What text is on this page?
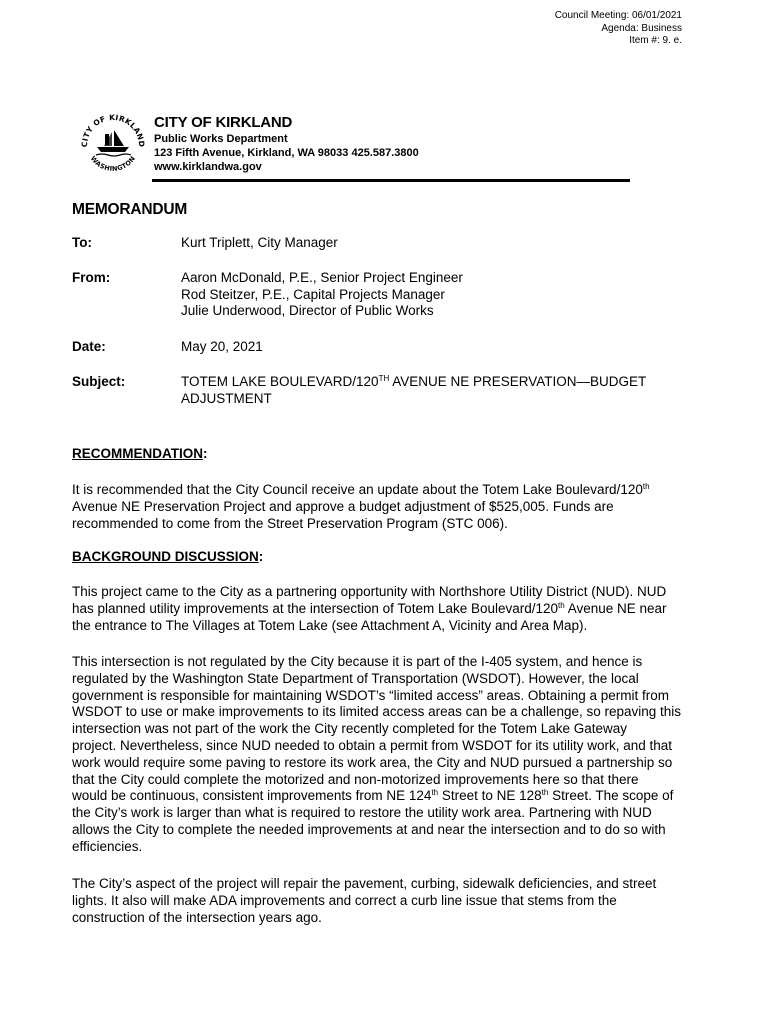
Council Meeting: 06/01/2021
Agenda: Business
Item #: 9. e.
CITY OF KIRKLAND
WASHINGTON
CITY OF KIRKLAND
Public Works Department
123 Fifth Avenue, Kirkland, WA 98033 425.587.3800
www.kirklandwa.gov
MEMORANDUM
To:	Kurt Triplett, City Manager
From:	Aaron McDonald, P.E., Senior Project Engineer
Rod Steitzer, P.E., Capital Projects Manager
Julie Underwood, Director of Public Works
Date:	May 20, 2021
Subject:	TOTEM LAKE BOULEVARD/120TH AVENUE NE PRESERVATION—BUDGET
ADJUSTMENT
RECOMMENDATION:
It is recommended that the City Council receive an update about the Totem Lake Boulevard/120th
Avenue NE Preservation Project and approve a budget adjustment of $525,005. Funds are
recommended to come from the Street Preservation Program (STC 006).
BACKGROUND DISCUSSION:
This project came to the City as a partnering opportunity with Northshore Utility District (NUD). NUD
has planned utility improvements at the intersection of Totem Lake Boulevard/120th Avenue NE near
the entrance to The Villages at Totem Lake (see Attachment A, Vicinity and Area Map).
This intersection is not regulated by the City because it is part of the I-405 system, and hence is
regulated by the Washington State Department of Transportation (WSDOT). However, the local
government is responsible for maintaining WSDOT’s “limited access” areas. Obtaining a permit from
WSDOT to use or make improvements to its limited access areas can be a challenge, so repaving this
intersection was not part of the work the City recently completed for the Totem Lake Gateway
project. Nevertheless, since NUD needed to obtain a permit from WSDOT for its utility work, and that
work would require some paving to restore its work area, the City and NUD pursued a partnership so
that the City could complete the motorized and non-motorized improvements here so that there
would be continuous, consistent improvements from NE 124th Street to NE 128th Street. The scope of
the City’s work is larger than what is required to restore the utility work area. Partnering with NUD
allows the City to complete the needed improvements at and near the intersection and to do so with
efficiencies.
The City’s aspect of the project will repair the pavement, curbing, sidewalk deficiencies, and street
lights. It also will make ADA improvements and correct a curb line issue that stems from the
construction of the intersection years ago.
